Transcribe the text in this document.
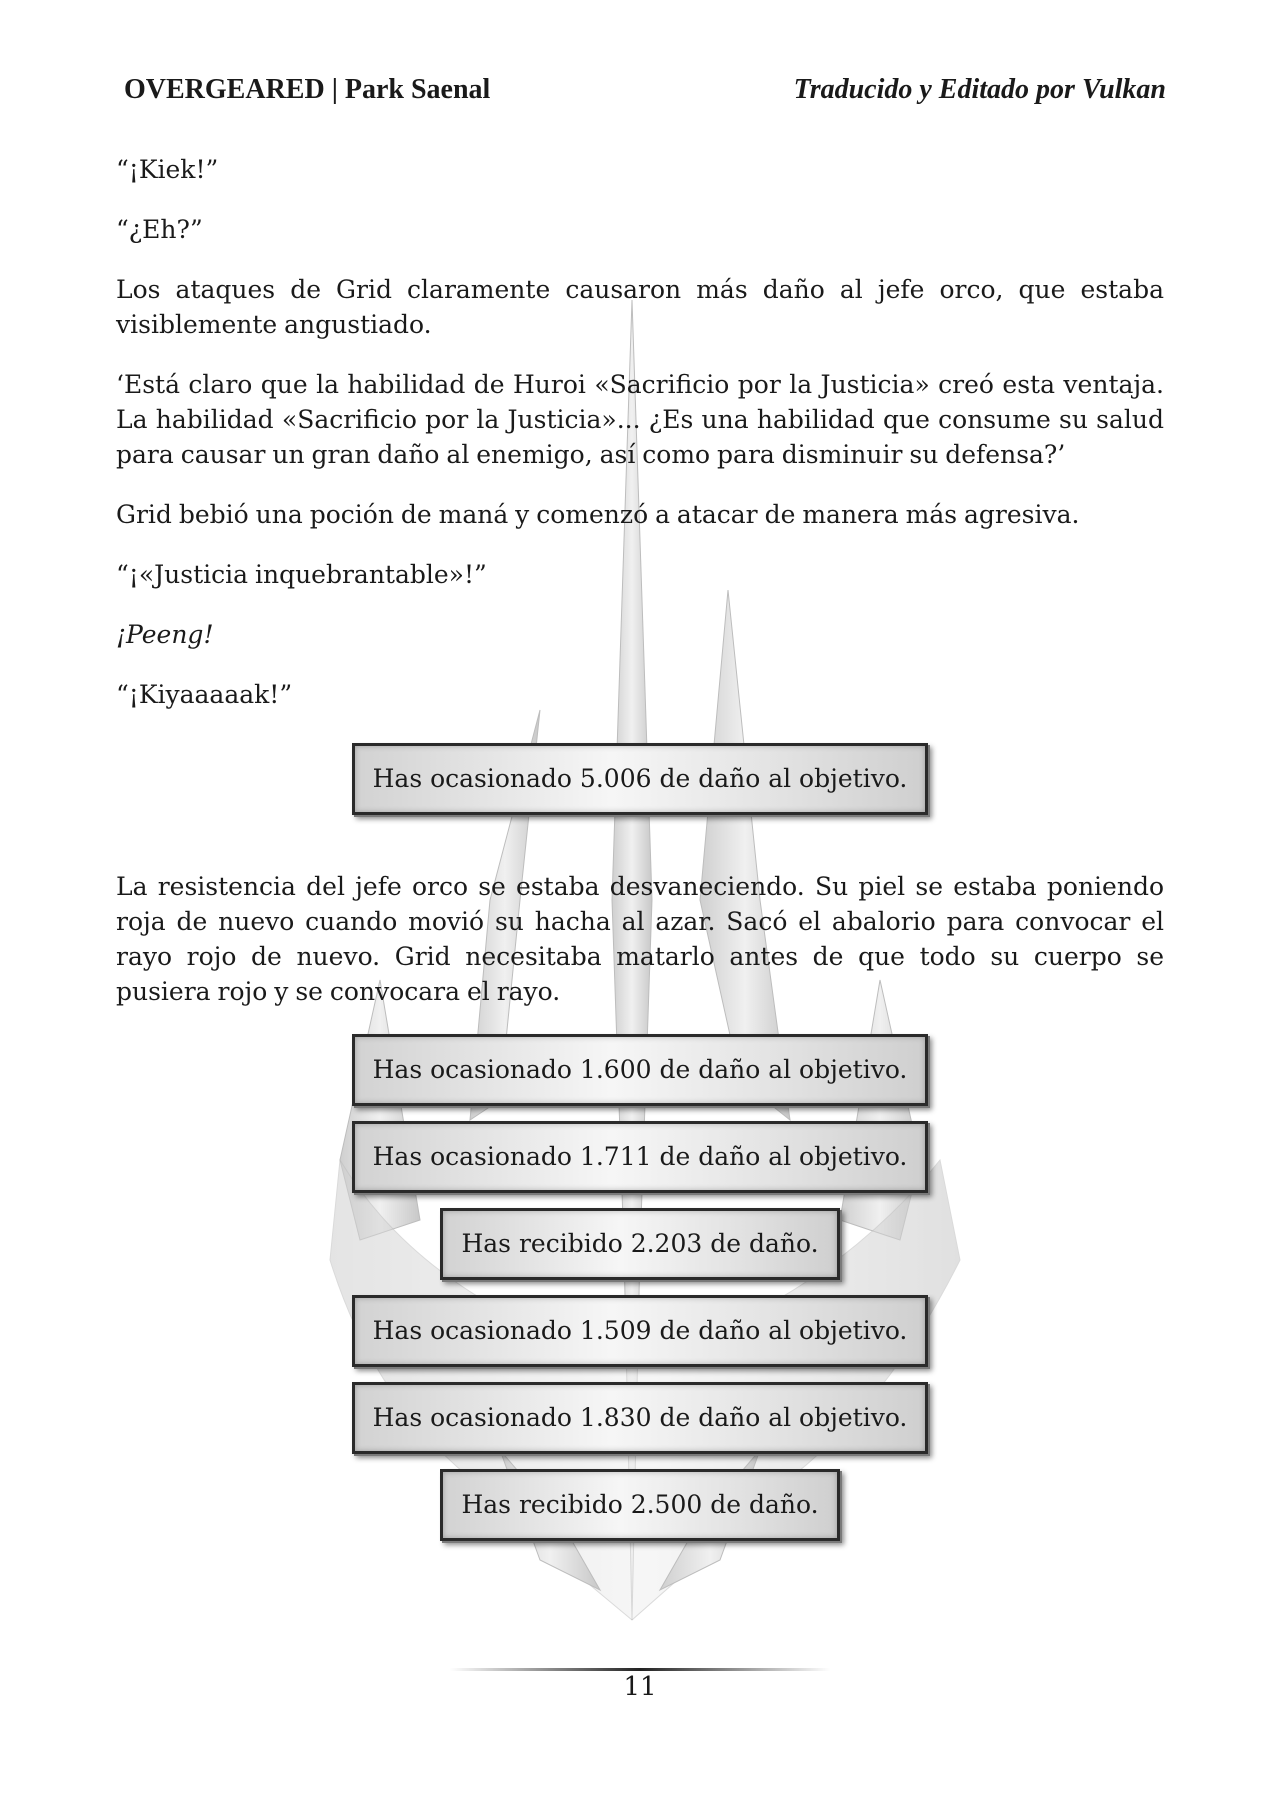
OVERGEARED | Park Saenal	Traducido y Editado por Vulkan

“¡Kiek!”

“¿Eh?”

Los ataques de Grid claramente causaron más daño al jefe orco, que estaba visiblemente angustiado.

‘Está claro que la habilidad de Huroi «Sacrificio por la Justicia» creó esta ventaja. La habilidad «Sacrificio por la Justicia»... ¿Es una habilidad que consume su salud para causar un gran daño al enemigo, así como para disminuir su defensa?’

Grid bebió una poción de maná y comenzó a atacar de manera más agresiva.

“¡«Justicia inquebrantable»!”

¡Peeng!

“¡Kiyaaaaak!”

Has ocasionado 5.006 de daño al objetivo.

La resistencia del jefe orco se estaba desvaneciendo. Su piel se estaba poniendo roja de nuevo cuando movió su hacha al azar. Sacó el abalorio para convocar el rayo rojo de nuevo. Grid necesitaba matarlo antes de que todo su cuerpo se pusiera rojo y se convocara el rayo.

Has ocasionado 1.600 de daño al objetivo.
Has ocasionado 1.711 de daño al objetivo.
Has recibido 2.203 de daño.
Has ocasionado 1.509 de daño al objetivo.
Has ocasionado 1.830 de daño al objetivo.
Has recibido 2.500 de daño.
11
